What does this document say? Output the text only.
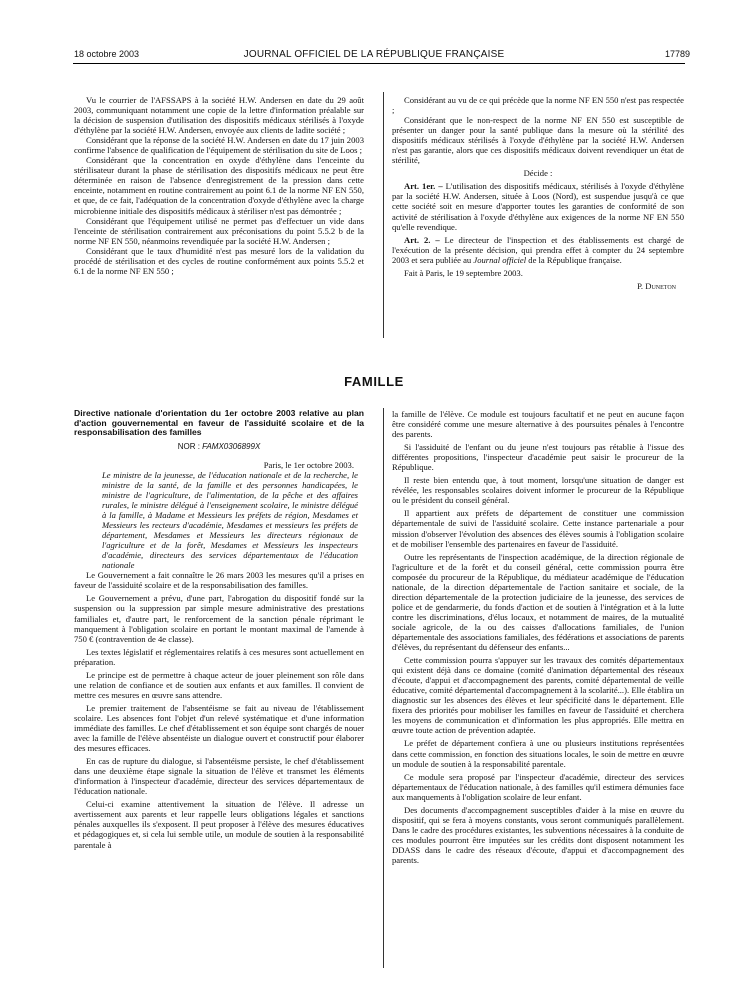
18 octobre 2003	JOURNAL OFFICIEL DE LA RÉPUBLIQUE FRANÇAISE	17789

Vu le courrier de l'AFSSAPS à la société H.W. Andersen en date du 29 août 2003, communiquant notamment une copie de la lettre d'information préalable sur la décision de suspension d'utilisation des dispositifs médicaux stérilisés à l'oxyde d'éthylène par la société H.W. Andersen, envoyée aux clients de ladite société ;

Considérant que la réponse de la société H.W. Andersen en date du 17 juin 2003 confirme l'absence de qualification de l'équipement de stérilisation du site de Loos ;

Considérant que la concentration en oxyde d'éthylène dans l'enceinte du stérilisateur durant la phase de stérilisation des dispositifs médicaux ne peut être déterminée en raison de l'absence d'enregistrement de la pression dans cette enceinte, notamment en routine contrairement au point 6.1 de la norme NF EN 550, et que, de ce fait, l'adéquation de la concentration d'oxyde d'éthylène avec la charge microbienne initiale des dispositifs médicaux à stériliser n'est pas démontrée ;

Considérant que l'équipement utilisé ne permet pas d'effectuer un vide dans l'enceinte de stérilisation contrairement aux préconisations du point 5.5.2 b de la norme NF EN 550, néanmoins revendiquée par la société H.W. Andersen ;

Considérant que le taux d'humidité n'est pas mesuré lors de la validation du procédé de stérilisation et des cycles de routine conformément aux points 5.5.2 et 6.1 de la norme NF EN 550 ;

Considérant au vu de ce qui précède que la norme NF EN 550 n'est pas respectée ;

Considérant que le non-respect de la norme NF EN 550 est susceptible de présenter un danger pour la santé publique dans la mesure où la stérilité des dispositifs médicaux stérilisés à l'oxyde d'éthylène par la société H.W. Andersen n'est pas garantie, alors que ces dispositifs médicaux doivent revendiquer un état de stérilité,

Décide :

Art. 1er. – L'utilisation des dispositifs médicaux, stérilisés à l'oxyde d'éthylène par la société H.W. Andersen, située à Loos (Nord), est suspendue jusqu'à ce que cette société soit en mesure d'apporter toutes les garanties de conformité de son activité de stérilisation à l'oxyde d'éthylène aux exigences de la norme NF EN 550 qu'elle revendique.

Art. 2. – Le directeur de l'inspection et des établissements est chargé de l'exécution de la présente décision, qui prendra effet à compter du 24 septembre 2003 et sera publiée au Journal officiel de la République française.

Fait à Paris, le 19 septembre 2003.

P. Duneton

FAMILLE
Directive nationale d'orientation du 1er octobre 2003 relative au plan d'action gouvernemental en faveur de l'assiduité scolaire et de la responsabilisation des familles
NOR : FAMX0306899X

Paris, le 1er octobre 2003.

Le ministre de la jeunesse, de l'éducation nationale et de la recherche, le ministre de la santé, de la famille et des personnes handicapées, le ministre de l'agriculture, de l'alimentation, de la pêche et des affaires rurales, le ministre délégué à l'enseignement scolaire, le ministre délégué à la famille, à Madame et Messieurs les préfets de région, Mesdames et Messieurs les recteurs d'académie, Mesdames et messieurs les préfets de département, Mesdames et Messieurs les directeurs régionaux de l'agriculture et de la forêt, Mesdames et Messieurs les inspecteurs d'académie, directeurs des services départementaux de l'éducation nationale

Le Gouvernement a fait connaître le 26 mars 2003 les mesures qu'il a prises en faveur de l'assiduité scolaire et de la responsabilisation des familles.

Le Gouvernement a prévu, d'une part, l'abrogation du dispositif fondé sur la suspension ou la suppression par simple mesure administrative des prestations familiales et, d'autre part, le renforcement de la sanction pénale réprimant le manquement à l'obligation scolaire en portant le montant maximal de l'amende à 750 € (contravention de 4e classe).

Les textes législatif et réglementaires relatifs à ces mesures sont actuellement en préparation.

Le principe est de permettre à chaque acteur de jouer pleinement son rôle dans une relation de confiance et de soutien aux enfants et aux familles. Il convient de mettre ces mesures en œuvre sans attendre.

Le premier traitement de l'absentéisme se fait au niveau de l'établissement scolaire. Les absences font l'objet d'un relevé systématique et d'une information immédiate des familles. Le chef d'établissement et son équipe sont chargés de nouer avec la famille de l'élève absentéiste un dialogue ouvert et constructif pour élaborer des mesures efficaces.

En cas de rupture du dialogue, si l'absentéisme persiste, le chef d'établissement dans une deuxième étape signale la situation de l'élève et transmet les éléments d'information à l'inspecteur d'académie, directeur des services départementaux de l'éducation nationale.

Celui-ci examine attentivement la situation de l'élève. Il adresse un avertissement aux parents et leur rappelle leurs obligations légales et sanctions pénales auxquelles ils s'exposent. Il peut proposer à l'élève des mesures éducatives et pédagogiques et, si cela lui semble utile, un module de soutien à la responsabilité parentale à

la famille de l'élève. Ce module est toujours facultatif et ne peut en aucune façon être considéré comme une mesure alternative à des poursuites pénales à l'encontre des parents.

Si l'assiduité de l'enfant ou du jeune n'est toujours pas rétablie à l'issue des différentes propositions, l'inspecteur d'académie peut saisir le procureur de la République.

Il reste bien entendu que, à tout moment, lorsqu'une situation de danger est révélée, les responsables scolaires doivent informer le procureur de la République ou le président du conseil général.

Il appartient aux préfets de département de constituer une commission départementale de suivi de l'assiduité scolaire. Cette instance partenariale a pour mission d'observer l'évolution des absences des élèves soumis à l'obligation scolaire et de mobiliser l'ensemble des partenaires en faveur de l'assiduité.

Outre les représentants de l'inspection académique, de la direction régionale de l'agriculture et de la forêt et du conseil général, cette commission pourra être composée du procureur de la République, du médiateur académique de l'éducation nationale, de la direction départementale de l'action sanitaire et sociale, de la direction départementale de la protection judiciaire de la jeunesse, des services de police et de gendarmerie, du fonds d'action et de soutien à l'intégration et à la lutte contre les discriminations, d'élus locaux, et notamment de maires, de la mutualité sociale agricole, de la ou des caisses d'allocations familiales, de l'union départementale des associations familiales, des fédérations et associations de parents d'élèves, du représentant du défenseur des enfants...

Cette commission pourra s'appuyer sur les travaux des comités départementaux qui existent déjà dans ce domaine (comité d'animation départemental des réseaux d'écoute, d'appui et d'accompagnement des parents, comité départemental de veille éducative, comité départemental d'accompagnement à la scolarité...). Elle établira un diagnostic sur les absences des élèves et leur spécificité dans le département. Elle fixera des priorités pour mobiliser les familles en faveur de l'assiduité et cherchera les moyens de communication et d'information les plus appropriés. Elle mettra en œuvre toute action de prévention adaptée.

Le préfet de département confiera à une ou plusieurs institutions représentées dans cette commission, en fonction des situations locales, le soin de mettre en œuvre un module de soutien à la responsabilité parentale.

Ce module sera proposé par l'inspecteur d'académie, directeur des services départementaux de l'éducation nationale, à des familles qu'il estimera démunies face aux manquements à l'obligation scolaire de leur enfant.

Des documents d'accompagnement susceptibles d'aider à la mise en œuvre du dispositif, qui se fera à moyens constants, vous seront communiqués parallèlement. Dans le cadre des procédures existantes, les subventions nécessaires à la conduite de ces modules pourront être imputées sur les crédits dont disposent notamment les DDASS dans le cadre des réseaux d'écoute, d'appui et d'accompagnement des parents.
